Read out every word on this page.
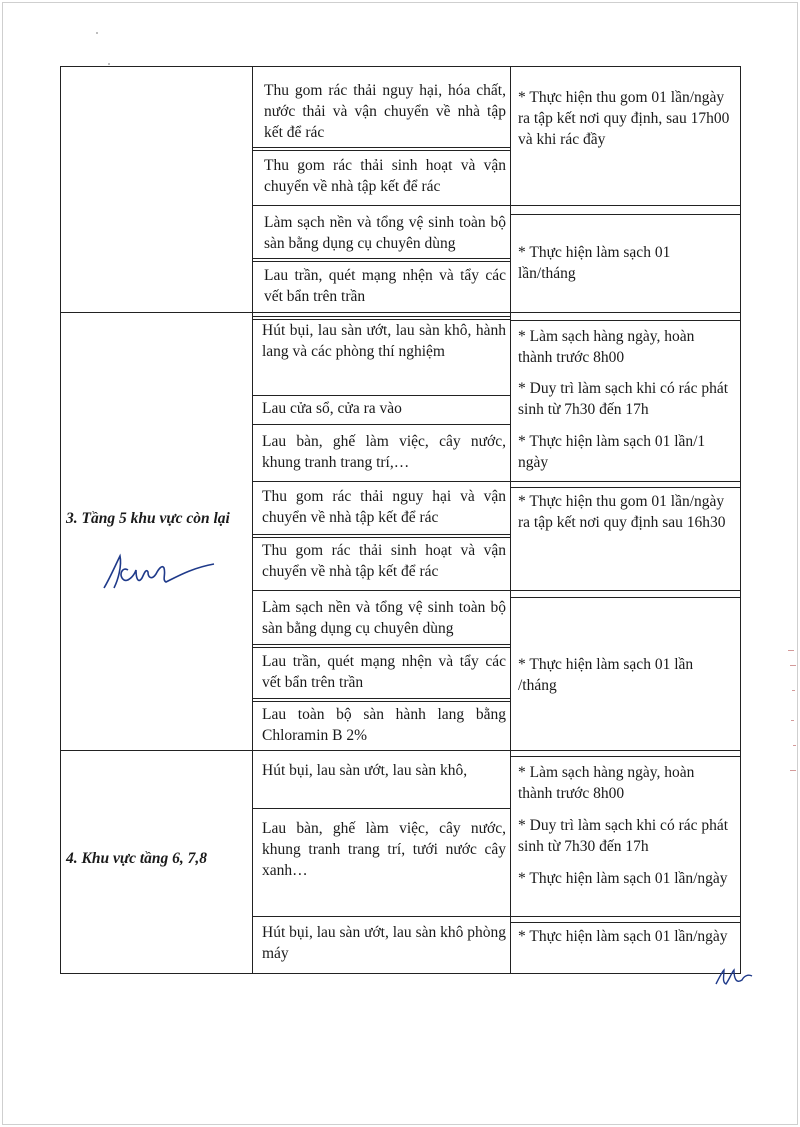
Thu gom rác thải nguy hại, hóa chất, nước thải và vận chuyển về nhà tập kết để rác
Thu gom rác thải sinh hoạt và vận chuyển về nhà tập kết để rác
* Thực hiện thu gom 01 lần/ngày ra tập kết nơi quy định, sau 17h00 và khi rác đầy
Làm sạch nền và tổng vệ sinh toàn bộ sàn bằng dụng cụ chuyên dùng
Lau trần, quét mạng nhện và tẩy các vết bẩn trên trần
* Thực hiện làm sạch 01 lần/tháng
3. Tầng 5 khu vực còn lại
Hút bụi, lau sàn ướt, lau sàn khô, hành lang và các phòng thí nghiệm
Lau cửa sổ, cửa ra vào
Lau bàn, ghế làm việc, cây nước, khung tranh trang trí,…
Thu gom rác thải nguy hại và vận chuyển về nhà tập kết để rác
Thu gom rác thải sinh hoạt và vận chuyển về nhà tập kết để rác
Làm sạch nền và tổng vệ sinh toàn bộ sàn bằng dụng cụ chuyên dùng
Lau trần, quét mạng nhện và tẩy các vết bẩn trên trần
Lau toàn bộ sàn hành lang bằng Chloramin B 2%
* Làm sạch hàng ngày, hoàn thành trước 8h00
* Duy trì làm sạch khi có rác phát sinh từ 7h30 đến 17h
* Thực hiện làm sạch 01 lần/1 ngày
* Thực hiện thu gom 01 lần/ngày ra tập kết nơi quy định sau 16h30
* Thực hiện làm sạch 01 lần /tháng
4. Khu vực tầng 6, 7,8
Hút bụi, lau sàn ướt, lau sàn khô,
Lau bàn, ghế làm việc, cây nước, khung tranh trang trí, tưới nước cây xanh…
Hút bụi, lau sàn ướt, lau sàn khô phòng máy
* Làm sạch hàng ngày, hoàn thành trước 8h00
* Duy trì làm sạch khi có rác phát sinh từ 7h30 đến 17h
* Thực hiện làm sạch 01 lần/ngày
* Thực hiện làm sạch 01 lần/ngày
